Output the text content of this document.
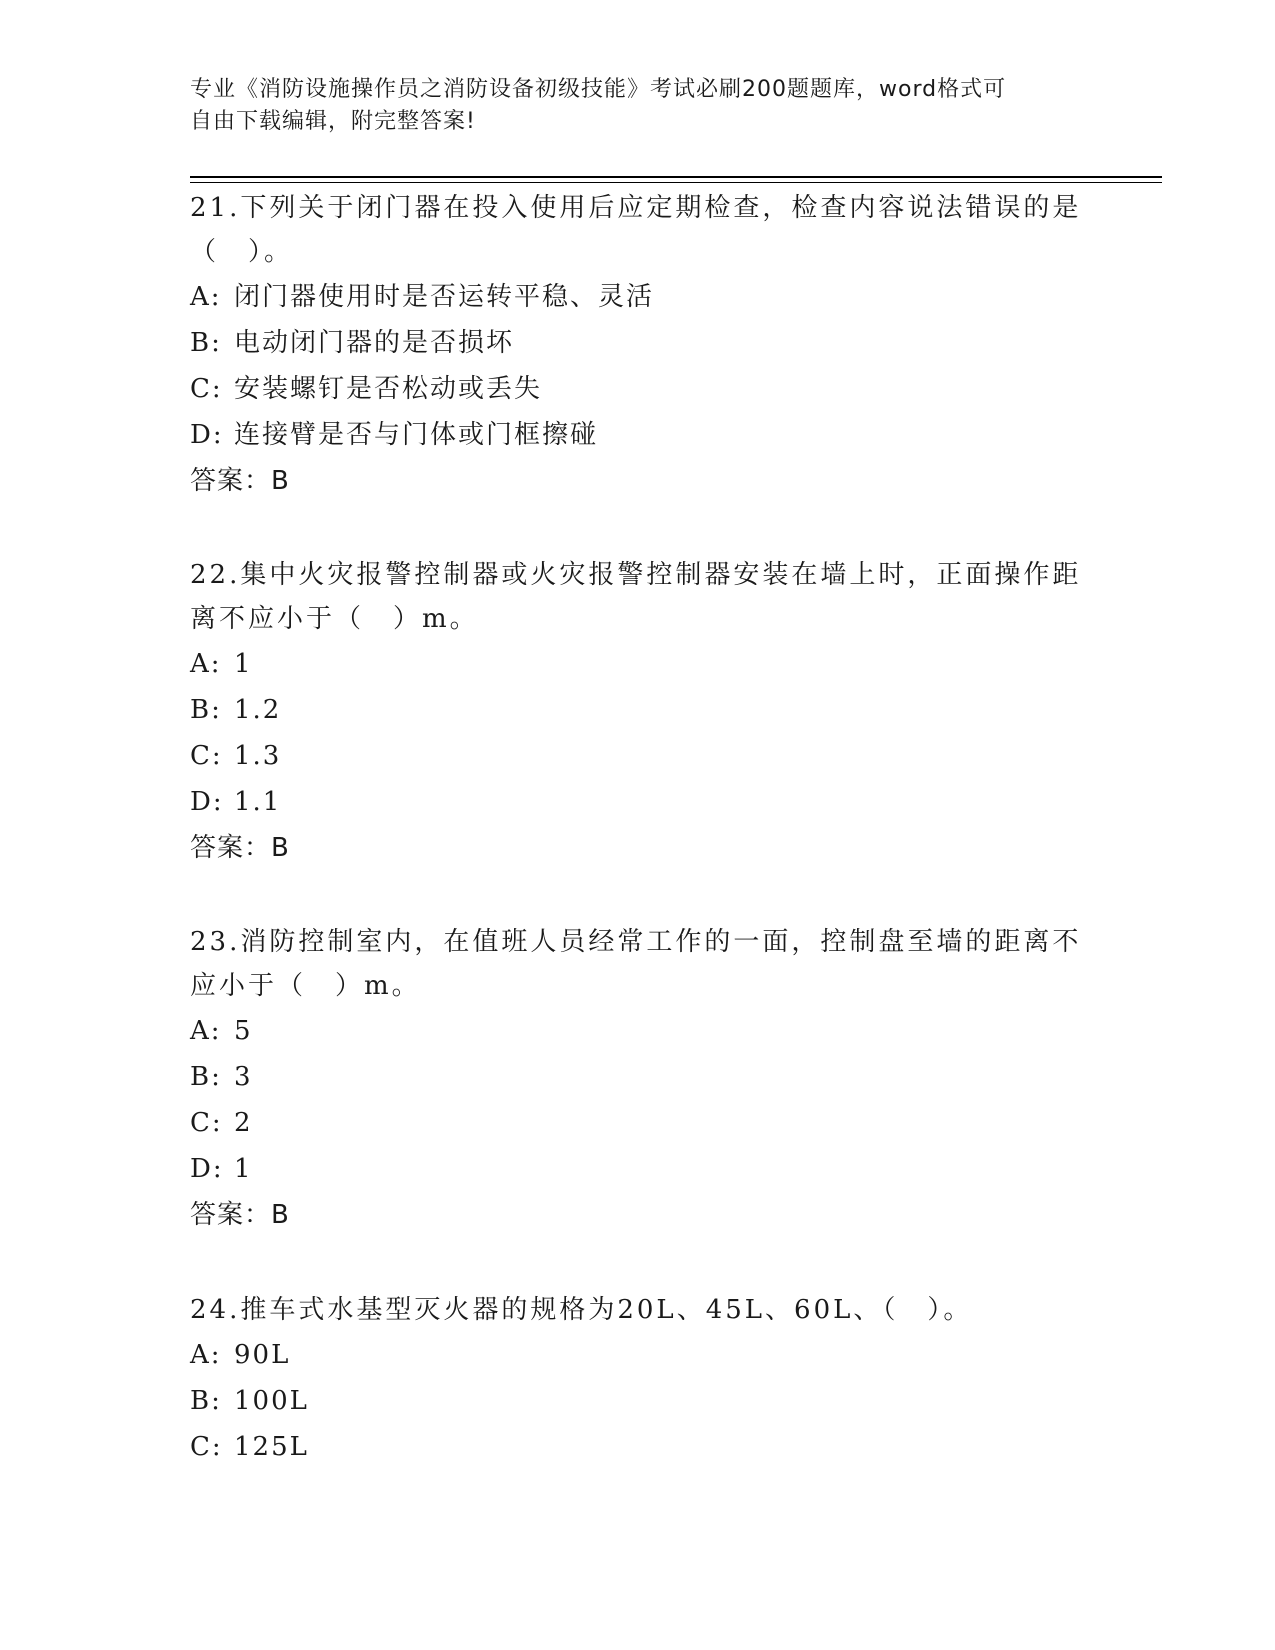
专业《消防设施操作员之消防设备初级技能》考试必刷200题题库，word格式可
自由下载编辑，附完整答案!

21.下列关于闭门器在投入使用后应定期检查，检查内容说法错误的是

（　）。

A: 闭门器使用时是否运转平稳、灵活

B: 电动闭门器的是否损坏

C: 安装螺钉是否松动或丢失

D: 连接臂是否与门体或门框擦碰

答案：B

22.集中火灾报警控制器或火灾报警控制器安装在墙上时，正面操作距

离不应小于（　）m。

A: 1

B: 1.2

C: 1.3

D: 1.1

答案：B

23.消防控制室内，在值班人员经常工作的一面，控制盘至墙的距离不

应小于（　）m。

A: 5

B: 3

C: 2

D: 1

答案：B

24.推车式水基型灭火器的规格为20L、45L、60L、（　）。

A: 90L

B: 100L

C: 125L
